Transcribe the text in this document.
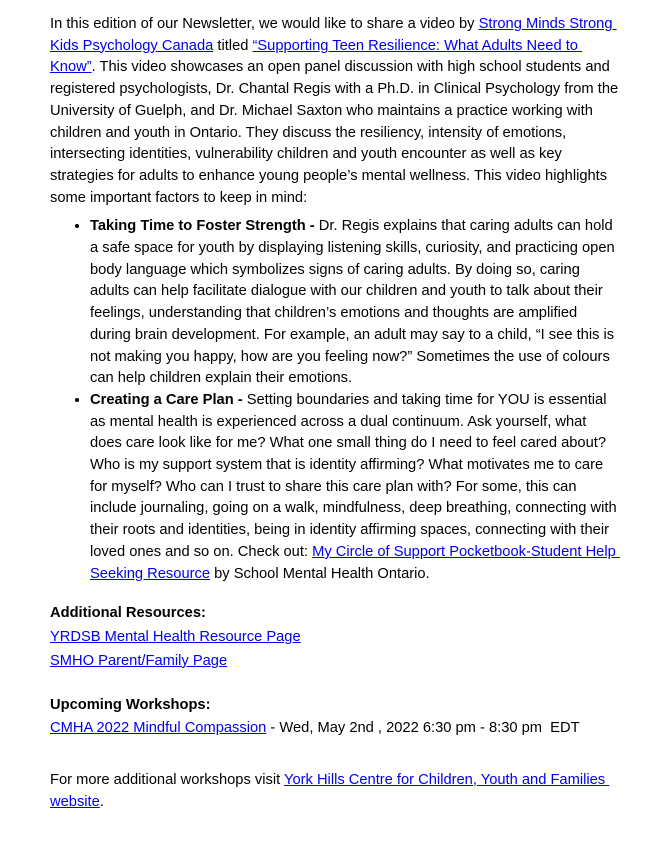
In this edition of our Newsletter, we would like to share a video by Strong Minds Strong Kids Psychology Canada titled “Supporting Teen Resilience: What Adults Need to Know”. This video showcases an open panel discussion with high school students and registered psychologists, Dr. Chantal Regis with a Ph.D. in Clinical Psychology from the University of Guelph, and Dr. Michael Saxton who maintains a practice working with children and youth in Ontario. They discuss the resiliency, intensity of emotions, intersecting identities, vulnerability children and youth encounter as well as key strategies for adults to enhance young people’s mental wellness. This video highlights some important factors to keep in mind:

• Taking Time to Foster Strength - Dr. Regis explains that caring adults can hold a safe space for youth by displaying listening skills, curiosity, and practicing open body language which symbolizes signs of caring adults. By doing so, caring adults can help facilitate dialogue with our children and youth to talk about their feelings, understanding that children’s emotions and thoughts are amplified during brain development. For example, an adult may say to a child, “I see this is not making you happy, how are you feeling now?” Sometimes the use of colours can help children explain their emotions.
• Creating a Care Plan - Setting boundaries and taking time for YOU is essential as mental health is experienced across a dual continuum. Ask yourself, what does care look like for me? What one small thing do I need to feel cared about? Who is my support system that is identity affirming? What motivates me to care for myself? Who can I trust to share this care plan with? For some, this can include journaling, going on a walk, mindfulness, deep breathing, connecting with their roots and identities, being in identity affirming spaces, connecting with their loved ones and so on. Check out: My Circle of Support Pocketbook-Student Help Seeking Resource by School Mental Health Ontario.

Additional Resources:

YRDSB Mental Health Resource Page

SMHO Parent/Family Page

Upcoming Workshops:

CMHA 2022 Mindful Compassion - Wed, May 2nd , 2022 6:30 pm - 8:30 pm  EDT

For more additional workshops visit York Hills Centre for Children, Youth and Families website.
